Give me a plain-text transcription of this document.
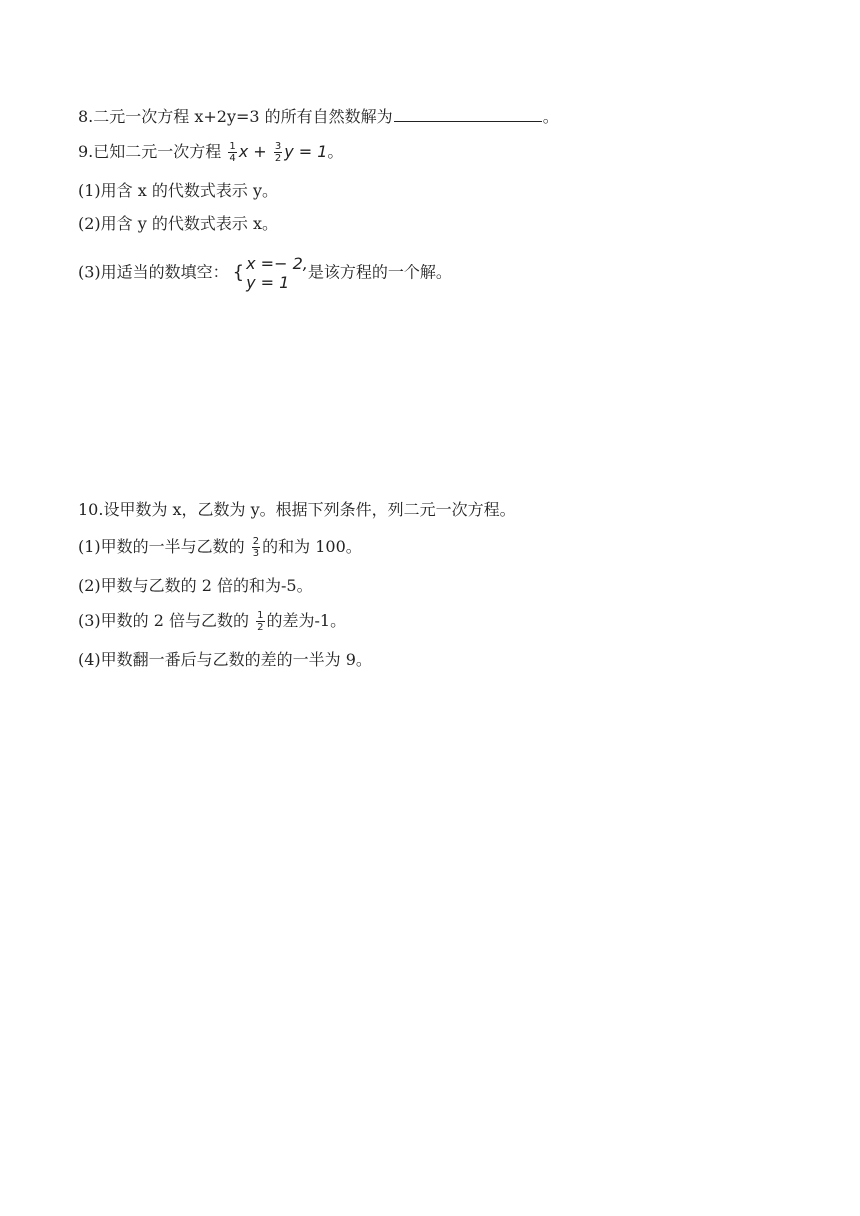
8.二元一次方程 x+2y=3 的所有自然数解为	。
9.已知二元一次方程 $\frac{1}{4}$ $x + \frac{3}{2}$ y = 1。
(1)用含 x 的代数式表示 y。
(2)用含 y 的代数式表示 x。
(3)用适当的数填空： { x =− 2,
y = 1
是该方程的一个解。
10.设甲数为 x，乙数为 y。根据下列条件，列二元一次方程。
(1)甲数的一半与乙数的 $\frac{2}{3}$ 的和为 100。
(2)甲数与乙数的 2 倍的和为-5。
(3)甲数的 2 倍与乙数的 $\frac{1}{2}$ 的差为-1。
(4)甲数翻一番后与乙数的差的一半为 9。
